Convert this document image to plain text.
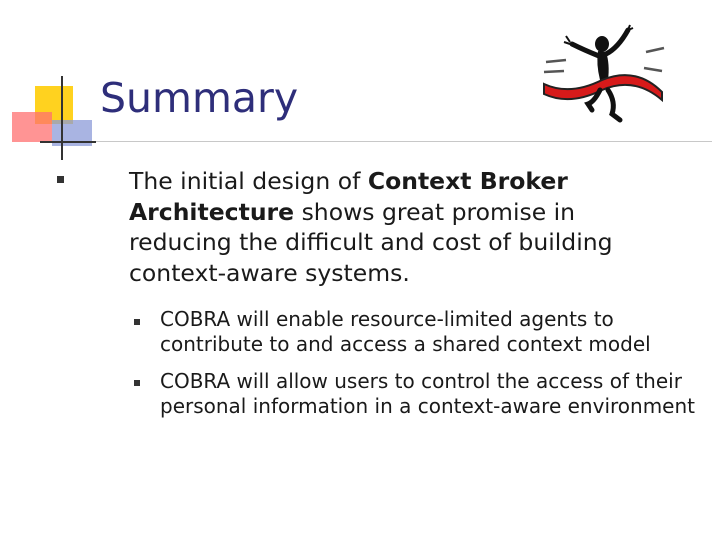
Summary
The initial design of Context Broker Architecture shows great promise in reducing the difficult and cost of building context-aware systems.
COBRA will enable resource-limited agents to contribute to and access a shared context model
COBRA will allow users to control the access of their personal information in a context-aware environment
